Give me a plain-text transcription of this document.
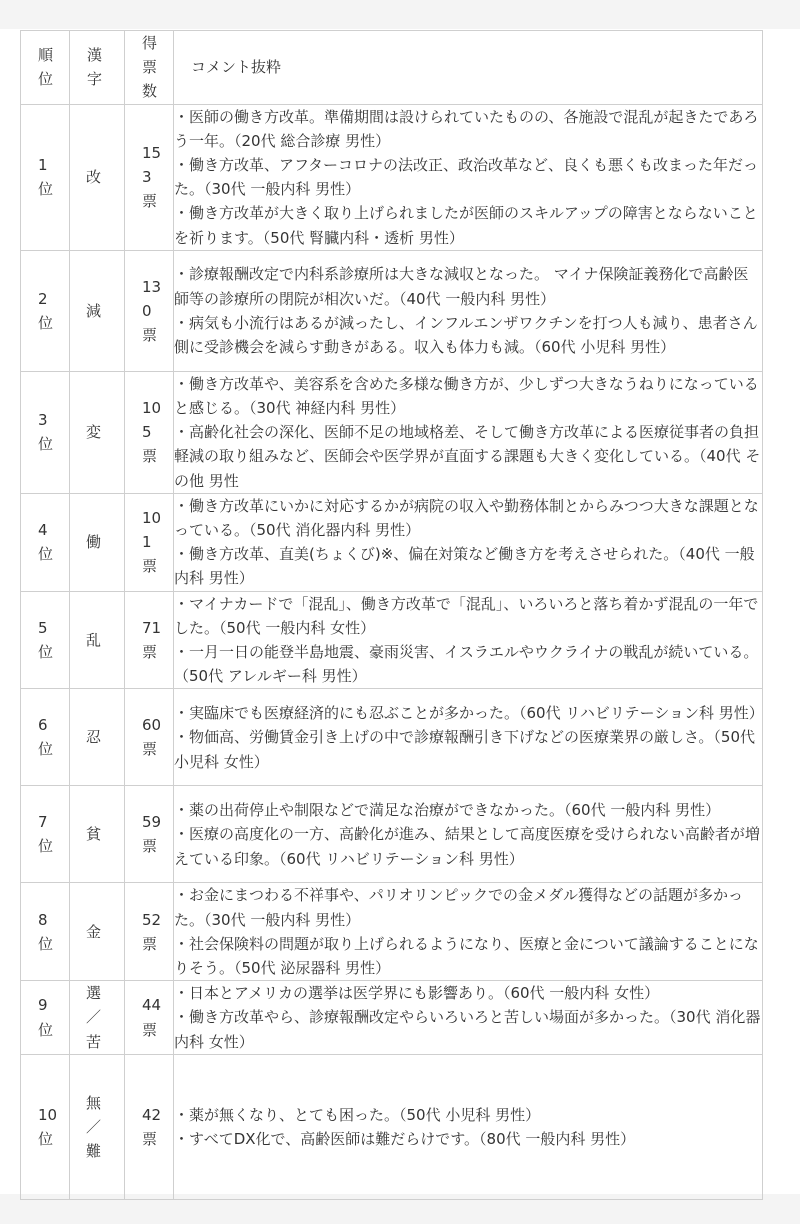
順位	漢字	得票数	コメント抜粋

1位	改	153票	・医師の働き方改革。準備期間は設けられていたものの、各施設で混乱が起きたであろう一年。（20代 総合診療 男性）
・働き方改革、アフターコロナの法改正、政治改革など、良くも悪くも改まった年だった。（30代 一般内科 男性）
・働き方改革が大きく取り上げられましたが医師のスキルアップの障害とならないことを祈ります。（50代 腎臓内科・透析 男性）

2位	減	130票	・診療報酬改定で内科系診療所は大きな減収となった。 マイナ保険証義務化で高齢医師等の診療所の閉院が相次いだ。（40代 一般内科 男性）
・病気も小流行はあるが減ったし、インフルエンザワクチンを打つ人も減り、患者さん側に受診機会を減らす動きがある。収入も体力も減。（60代 小児科 男性）

3位	変	105票	・働き方改革や、美容系を含めた多様な働き方が、少しずつ大きなうねりになっていると感じる。（30代 神経内科 男性）
・高齢化社会の深化、医師不足の地域格差、そして働き方改革による医療従事者の負担軽減の取り組みなど、医師会や医学界が直面する課題も大きく変化している。（40代 その他 男性

4位	働	101票	・働き方改革にいかに対応するかが病院の収入や勤務体制とからみつつ大きな課題となっている。（50代 消化器内科 男性）
・働き方改革、直美(ちょくび)※、偏在対策など働き方を考えさせられた。（40代 一般内科 男性）

5位	乱	71票	・マイナカードで「混乱」、働き方改革で「混乱」、いろいろと落ち着かず混乱の一年でした。（50代 一般内科 女性）
・一月一日の能登半島地震、豪雨災害、イスラエルやウクライナの戦乱が続いている。（50代 アレルギー科 男性）

6位	忍	60票	・実臨床でも医療経済的にも忍ぶことが多かった。（60代 リハビリテーション科 男性）
・物価高、労働賃金引き上げの中で診療報酬引き下げなどの医療業界の厳しさ。（50代 小児科 女性）

7位	貧	59票	・薬の出荷停止や制限などで満足な治療ができなかった。（60代 一般内科 男性）
・医療の高度化の一方、高齢化が進み、結果として高度医療を受けられない高齢者が増えている印象。（60代 リハビリテーション科 男性）

8位	金	52票	・お金にまつわる不祥事や、パリオリンピックでの金メダル獲得などの話題が多かった。（30代 一般内科 男性）
・社会保険料の問題が取り上げられるようになり、医療と金について議論することになりそう。（50代 泌尿器科 男性）

9位	選／苦	44票	・日本とアメリカの選挙は医学界にも影響あり。（60代 一般内科 女性）
・働き方改革やら、診療報酬改定やらいろいろと苦しい場面が多かった。（30代 消化器内科 女性）

10位	無／難	42票	・薬が無くなり、とても困った。（50代 小児科 男性）
・すべてDX化で、高齢医師は難だらけです。（80代 一般内科 男性）
